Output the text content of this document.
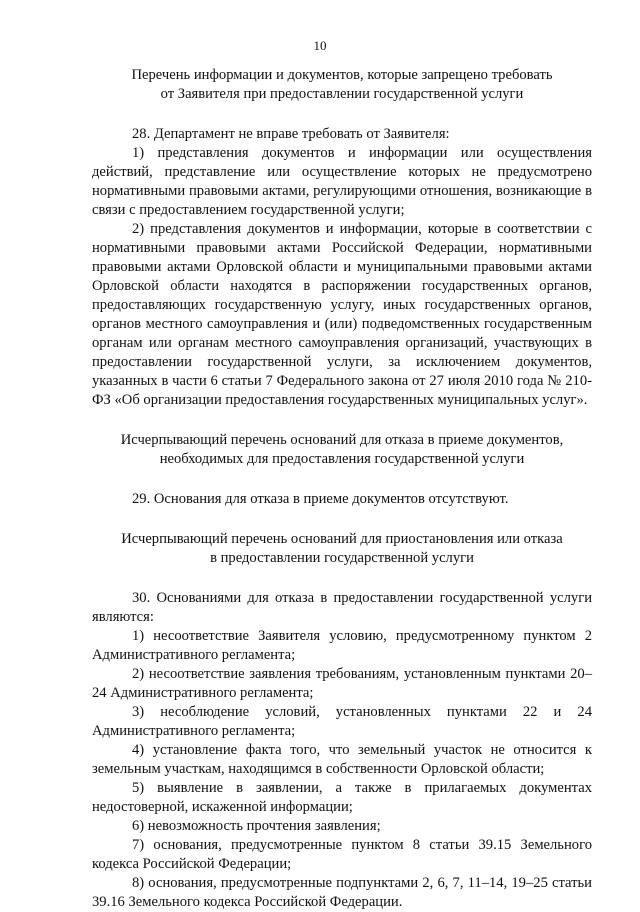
10

Перечень информации и документов, которые запрещено требовать

от Заявителя при предоставлении государственной услуги

28. Департамент не вправе требовать от Заявителя:

1) представления документов и информации или осуществления действий, представление или осуществление которых не предусмотрено нормативными правовыми актами, регулирующими отношения, возникающие в связи с предоставлением государственной услуги;

2) представления документов и информации, которые в соответствии с нормативными правовыми актами Российской Федерации, нормативными правовыми актами Орловской области и муниципальными правовыми актами Орловской области находятся в распоряжении государственных органов, предоставляющих государственную услугу, иных государственных органов, органов местного самоуправления и (или) подведомственных государственным органам или органам местного самоуправления организаций, участвующих в предоставлении государственной услуги, за исключением документов, указанных в части 6 статьи 7 Федерального закона от 27 июля 2010 года № 210-ФЗ «Об организации предоставления государственных муниципальных услуг».

Исчерпывающий перечень оснований для отказа в приеме документов,

необходимых для предоставления государственной услуги

29. Основания для отказа в приеме документов отсутствуют.

Исчерпывающий перечень оснований для приостановления или отказа

в предоставлении государственной услуги

30. Основаниями для отказа в предоставлении государственной услуги являются:

1) несоответствие Заявителя условию, предусмотренному пунктом 2 Административного регламента;

2) несоответствие заявления требованиям, установленным пунктами 20–24 Административного регламента;

3) несоблюдение условий, установленных пунктами 22 и 24 Административного регламента;

4) установление факта того, что земельный участок не относится к земельным участкам, находящимся в собственности Орловской области;

5) выявление в заявлении, а также в прилагаемых документах недостоверной, искаженной информации;

6) невозможность прочтения заявления;

7) основания, предусмотренные пунктом 8 статьи 39.15 Земельного кодекса Российской Федерации;

8) основания, предусмотренные подпунктами 2, 6, 7, 11–14, 19–25 статьи 39.16 Земельного кодекса Российской Федерации.
